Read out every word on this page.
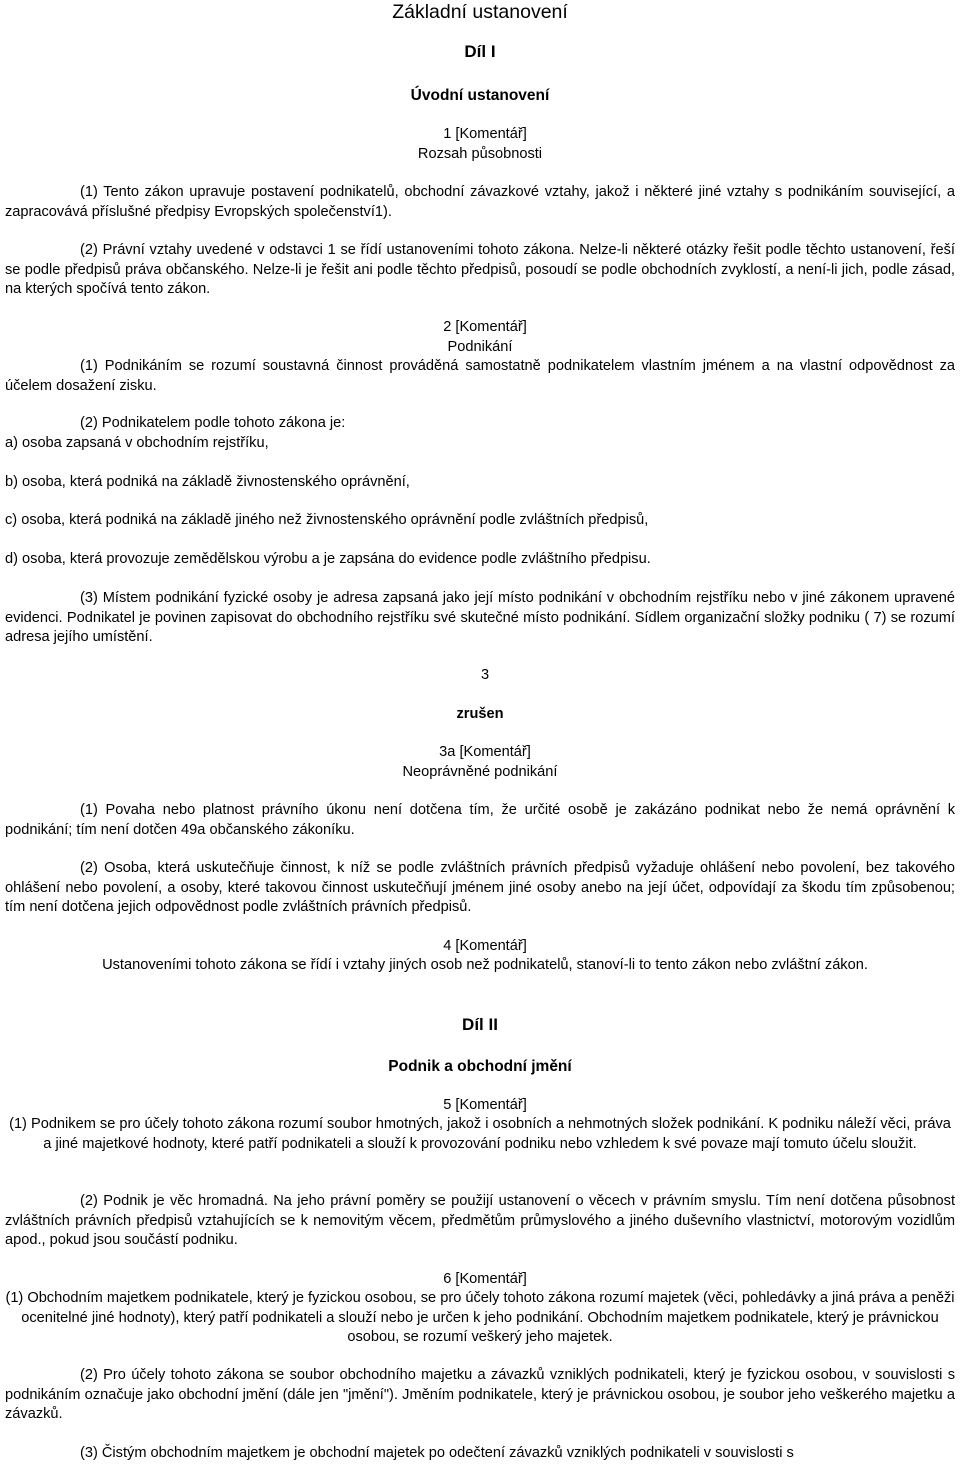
Základní ustanovení

Díl I

Úvodní ustanovení

1 [Komentář]

Rozsah působnosti

(1) Tento zákon upravuje postavení podnikatelů, obchodní závazkové vztahy, jakož i některé jiné vztahy s podnikáním související, a zapracovává příslušné předpisy Evropských společenství1).

(2) Právní vztahy uvedené v odstavci 1 se řídí ustanoveními tohoto zákona. Nelze-li některé otázky řešit podle těchto ustanovení, řeší se podle předpisů práva občanského. Nelze-li je řešit ani podle těchto předpisů, posoudí se podle obchodních zvyklostí, a není-li jich, podle zásad, na kterých spočívá tento zákon.

2 [Komentář]

Podnikání

(1) Podnikáním se rozumí soustavná činnost prováděná samostatně podnikatelem vlastním jménem a na vlastní odpovědnost za účelem dosažení zisku.

(2) Podnikatelem podle tohoto zákona je:

a) osoba zapsaná v obchodním rejstříku,

b) osoba, která podniká na základě živnostenského oprávnění,

c) osoba, která podniká na základě jiného než živnostenského oprávnění podle zvláštních předpisů,

d) osoba, která provozuje zemědělskou výrobu a je zapsána do evidence podle zvláštního předpisu.

(3) Místem podnikání fyzické osoby je adresa zapsaná jako její místo podnikání v obchodním rejstříku nebo v jiné zákonem upravené evidenci. Podnikatel je povinen zapisovat do obchodního rejstříku své skutečné místo podnikání. Sídlem organizační složky podniku ( 7) se rozumí adresa jejího umístění.

3

zrušen

3a [Komentář]

Neoprávněné podnikání

(1) Povaha nebo platnost právního úkonu není dotčena tím, že určité osobě je zakázáno podnikat nebo že nemá oprávnění k podnikání; tím není dotčen 49a občanského zákoníku.

(2) Osoba, která uskutečňuje činnost, k níž se podle zvláštních právních předpisů vyžaduje ohlášení nebo povolení, bez takového ohlášení nebo povolení, a osoby, které takovou činnost uskutečňují jménem jiné osoby anebo na její účet, odpovídají za škodu tím způsobenou; tím není dotčena jejich odpovědnost podle zvláštních právních předpisů.

4 [Komentář]

Ustanoveními tohoto zákona se řídí i vztahy jiných osob než podnikatelů, stanoví-li to tento zákon nebo zvláštní zákon.

Díl II

Podnik a obchodní jmění

5 [Komentář]

(1) Podnikem se pro účely tohoto zákona rozumí soubor hmotných, jakož i osobních a nehmotných složek podnikání. K podniku náleží věci, práva a jiné majetkové hodnoty, které patří podnikateli a slouží k provozování podniku nebo vzhledem k své povaze mají tomuto účelu sloužit.

(2) Podnik je věc hromadná. Na jeho právní poměry se použijí ustanovení o věcech v právním smyslu. Tím není dotčena působnost zvláštních právních předpisů vztahujících se k nemovitým věcem, předmětům průmyslového a jiného duševního vlastnictví, motorovým vozidlům apod., pokud jsou součástí podniku.

6 [Komentář]

(1) Obchodním majetkem podnikatele, který je fyzickou osobou, se pro účely tohoto zákona rozumí majetek (věci, pohledávky a jiná práva a peněži ocenitelné jiné hodnoty), který patří podnikateli a slouží nebo je určen k jeho podnikání. Obchodním majetkem podnikatele, který je právnickou osobou, se rozumí veškerý jeho majetek.

(2) Pro účely tohoto zákona se soubor obchodního majetku a závazků vzniklých podnikateli, který je fyzickou osobou, v souvislosti s podnikáním označuje jako obchodní jmění (dále jen "jmění"). Jměním podnikatele, který je právnickou osobou, je soubor jeho veškerého majetku a závazků.

(3) Čistým obchodním majetkem je obchodní majetek po odečtení závazků vzniklých podnikateli v souvislosti s
